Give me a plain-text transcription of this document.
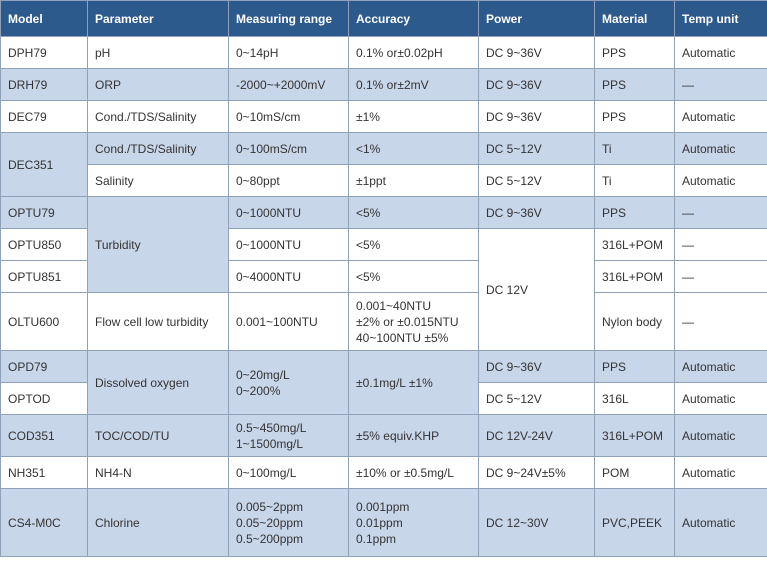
Model	Parameter	Measuring range	Accuracy	Power	Material	Temp unit
DPH79	pH	0~14pH	0.1% or±0.02pH	DC 9~36V	PPS	Automatic
DRH79	ORP	-2000~+2000mV	0.1% or±2mV	DC 9~36V	PPS	—
DEC79	Cond./TDS/Salinity	0~10mS/cm	±1%	DC 9~36V	PPS	Automatic
DEC351	Cond./TDS/Salinity	0~100mS/cm	<1%	DC 5~12V	Ti	Automatic
	Salinity	0~80ppt	±1ppt	DC 5~12V	Ti	Automatic
OPTU79	Turbidity	0~1000NTU	<5%	DC 9~36V	PPS	—
OPTU850		0~1000NTU	<5%	DC 12V	316L+POM	—
OPTU851		0~4000NTU	<5%		316L+POM	—
OLTU600	Flow cell low turbidity	0.001~100NTU	0.001~40NTU
±2% or ±0.015NTU
40~100NTU ±5%		Nylon body	—
OPD79	Dissolved oxygen	0~20mg/L
0~200%	±0.1mg/L ±1%	DC 9~36V	PPS	Automatic
OPTOD				DC 5~12V	316L	Automatic
COD351	TOC/COD/TU	0.5~450mg/L
1~1500mg/L	±5% equiv.KHP	DC 12V-24V	316L+POM	Automatic
NH351	NH4-N	0~100mg/L	±10% or ±0.5mg/L	DC 9~24V±5%	POM	Automatic
CS4-M0C	Chlorine	0.005~2ppm
0.05~20ppm
0.5~200ppm	0.001ppm
0.01ppm
0.1ppm	DC 12~30V	PVC,PEEK	Automatic
